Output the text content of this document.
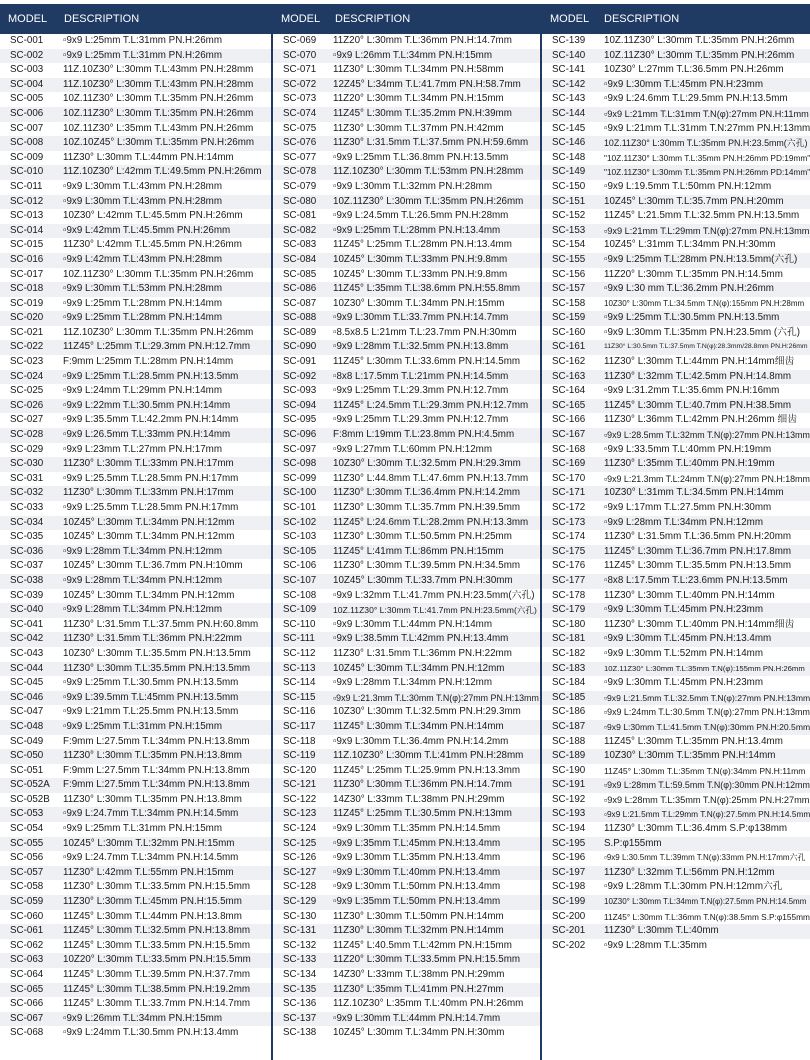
MODEL	DESCRIPTION
SC-001	▫9x9 L:25mm T.L:31mm PN.H:26mm
SC-002	▫9x9 L:25mm T.L:31mm PN.H:26mm
SC-003	11Z.10Z30° L:30mm T.L:43mm PN.H:28mm
SC-004	11Z.10Z30° L:30mm T.L:43mm PN.H:28mm
SC-005	10Z.11Z30° L:30mm T.L:35mm PN.H:26mm
SC-006	10Z.11Z30° L:30mm T.L:35mm PN.H:26mm
SC-007	10Z.11Z30° L:35mm T.L:43mm PN.H:26mm
SC-008	10Z.10Z45° L:30mm T.L:35mm PN.H:26mm
SC-009	11Z30° L:30mm T.L:44mm PN.H:14mm
SC-010	11Z.10Z30° L:42mm T.L:49.5mm PN.H:26mm
SC-011	▫9x9 L:30mm T.L:43mm PN.H:28mm
SC-012	▫9x9 L:30mm T.L:43mm PN.H:28mm
SC-013	10Z30° L:42mm T.L:45.5mm PN.H:26mm
SC-014	▫9x9 L:42mm T.L:45.5mm PN.H:26mm
SC-015	11Z30° L:42mm T.L:45.5mm PN.H:26mm
SC-016	▫9x9 L:42mm T.L:43mm PN.H:28mm
SC-017	10Z.11Z30° L:30mm T.L:35mm PN.H:26mm
SC-018	▫9x9 L:30mm T.L:53mm PN.H:28mm
SC-019	▫9x9 L:25mm T.L:28mm PN.H:14mm
SC-020	▫9x9 L:25mm T.L:28mm PN.H:14mm
SC-021	11Z.10Z30° L:30mm T.L:35mm PN.H:26mm
SC-022	11Z45° L:25mm T.L:29.3mm PN.H:12.7mm
SC-023	F:9mm L:25mm T.L:28mm PN.H:14mm
SC-024	▫9x9 L:25mm T.L:28.5mm PN.H:13.5mm
SC-025	▫9x9 L:24mm T.L:29mm PN.H:14mm
SC-026	▫9x9 L:22mm T.L:30.5mm PN.H:14mm
SC-027	▫9x9 L:35.5mm T.L:42.2mm PN.H:14mm
SC-028	▫9x9 L:26.5mm T.L:33mm PN.H:14mm
SC-029	▫9x9 L:23mm T.L:27mm PN.H:17mm
SC-030	11Z30° L:30mm T.L:33mm PN.H:17mm
SC-031	▫9x9 L:25.5mm T.L:28.5mm PN.H:17mm
SC-032	11Z30° L:30mm T.L:33mm PN.H:17mm
SC-033	▫9x9 L:25.5mm T.L:28.5mm PN.H:17mm
SC-034	10Z45° L:30mm T.L:34mm PN.H:12mm
SC-035	10Z45° L:30mm T.L:34mm PN.H:12mm
SC-036	▫9x9 L:28mm T.L:34mm PN.H:12mm
SC-037	10Z45° L:30mm T.L:36.7mm PN.H:10mm
SC-038	▫9x9 L:28mm T.L:34mm PN.H:12mm
SC-039	10Z45° L:30mm T.L:34mm PN.H:12mm
SC-040	▫9x9 L:28mm T.L:34mm PN.H:12mm
SC-041	11Z30° L:31.5mm T.L:37.5mm PN.H:60.8mm
SC-042	11Z30° L:31.5mm T.L:36mm PN.H:22mm
SC-043	10Z30° L:30mm T.L:35.5mm PN.H:13.5mm
SC-044	11Z30° L:30mm T.L:35.5mm PN.H:13.5mm
SC-045	▫9x9 L:25mm T.L:30.5mm PN.H:13.5mm
SC-046	▫9x9 L:39.5mm T.L:45mm PN.H:13.5mm
SC-047	▫9x9 L:21mm T.L:25.5mm PN.H:13.5mm
SC-048	▫9x9 L:25mm T.L:31mm PN.H:15mm
SC-049	F:9mm L:27.5mm T.L:34mm PN.H:13.8mm
SC-050	11Z30° L:30mm T.L:35mm PN.H:13.8mm
SC-051	F:9mm L:27.5mm T.L:34mm PN.H:13.8mm
SC-052A	F:9mm L:27.5mm T.L:34mm PN.H:13.8mm
SC-052B	11Z30° L:30mm T.L:35mm PN.H:13.8mm
SC-053	▫9x9 L:24.7mm T.L:34mm PN.H:14.5mm
SC-054	▫9x9 L:25mm T.L:31mm PN.H:15mm
SC-055	10Z45° L:30mm T.L:32mm PN.H:15mm
SC-056	▫9x9 L:24.7mm T.L:34mm PN.H:14.5mm
SC-057	11Z30° L:42mm T.L:55mm PN.H:15mm
SC-058	11Z30° L:30mm T.L:33.5mm PN.H:15.5mm
SC-059	11Z30° L:30mm T.L:45mm PN.H:15.5mm
SC-060	11Z45° L:30mm T.L:44mm PN.H:13.8mm
SC-061	11Z45° L:30mm T.L:32.5mm PN.H:13.8mm
SC-062	11Z45° L:30mm T.L:33.5mm PN.H:15.5mm
SC-063	10Z20° L:30mm T.L:33.5mm PN.H:15.5mm
SC-064	11Z45° L:30mm T.L:39.5mm PN.H:37.7mm
SC-065	11Z45° L:30mm T.L:38.5mm PN.H:19.2mm
SC-066	11Z45° L:30mm T.L:33.7mm PN.H:14.7mm
SC-067	▫9x9 L:26mm T.L:34mm PN.H:15mm
SC-068	▫9x9 L:24mm T.L:30.5mm PN.H:13.4mm
MODEL	DESCRIPTION
SC-069	11Z20° L:30mm T.L:36mm PN.H:14.7mm
SC-070	▫9x9 L:26mm T.L:34mm PN.H:15mm
SC-071	11Z30° L:30mm T.L:34mm PN.H:58mm
SC-072	12Z45° L:34mm T.L:41.7mm PN.H:58.7mm
SC-073	11Z20° L:30mm T.L:34mm PN.H:15mm
SC-074	11Z45° L:30mm T.L:35.2mm PN.H:39mm
SC-075	11Z30° L:30mm T.L:37mm PN.H:42mm
SC-076	11Z30° L:31.5mm T.L:37.5mm PN.H:59.6mm
SC-077	▫9x9 L:25mm T.L:36.8mm PN.H:13.5mm
SC-078	11Z.10Z30° L:30mm T.L:53mm PN.H:28mm
SC-079	▫9x9 L:30mm T.L:32mm PN.H:28mm
SC-080	10Z.11Z30° L:30mm T.L:35mm PN.H:26mm
SC-081	▫9x9 L:24.5mm T.L:26.5mm PN.H:28mm
SC-082	▫9x9 L:25mm T.L:28mm PN.H:13.4mm
SC-083	11Z45° L:25mm T.L:28mm PN.H:13.4mm
SC-084	10Z45° L:30mm T.L:33mm PN.H:9.8mm
SC-085	10Z45° L:30mm T.L:33mm PN.H:9.8mm
SC-086	11Z45° L:35mm T.L:38.6mm PN.H:55.8mm
SC-087	10Z30° L:30mm T.L:34mm PN.H:15mm
SC-088	▫9x9 L:30mm T.L:33.7mm PN.H:14.7mm
SC-089	▫8.5x8.5 L:21mm T.L:23.7mm PN.H:30mm
SC-090	▫9x9 L:28mm T.L:32.5mm PN.H:13.8mm
SC-091	11Z45° L:30mm T.L:33.6mm PN.H:14.5mm
SC-092	▫8x8 L:17.5mm T.L:21mm PN.H:14.5mm
SC-093	▫9x9 L:25mm T.L:29.3mm PN.H:12.7mm
SC-094	11Z45° L:24.5mm T.L:29.3mm PN.H:12.7mm
SC-095	▫9x9 L:25mm T.L:29.3mm PN.H:12.7mm
SC-096	F:8mm L:19mm T.L:23.8mm PN.H:4.5mm
SC-097	▫9x9 L:27mm T.L:60mm PN.H:12mm
SC-098	10Z30° L:30mm T.L:32.5mm PN.H:29.3mm
SC-099	11Z30° L:44.8mm T.L:47.6mm PN.H:13.7mm
SC-100	11Z30° L:30mm T.L:36.4mm PN.H:14.2mm
SC-101	11Z30° L:30mm T.L:35.7mm PN.H:39.5mm
SC-102	11Z45° L:24.6mm T.L:28.2mm PN.H:13.3mm
SC-103	11Z30° L:30mm T.L:50.5mm PN.H:25mm
SC-105	11Z45° L:41mm T.L:86mm PN.H:15mm
SC-106	11Z30° L:30mm T.L:39.5mm PN.H:34.5mm
SC-107	10Z45° L:30mm T.L:33.7mm PN.H:30mm
SC-108	▫9x9 L:32mm T.L:41.7mm PN.H:23.5mm(六孔)
SC-109	10Z.11Z30° L:30mm T.L:41.7mm PN.H:23.5mm(六孔)
SC-110	▫9x9 L:30mm T.L:44mm PN.H:14mm
SC-111	▫9x9 L:38.5mm T.L:42mm PN.H:13.4mm
SC-112	11Z30° L:31.5mm T.L:36mm PN.H:22mm
SC-113	10Z45° L:30mm T.L:34mm PN.H:12mm
SC-114	▫9x9 L:28mm T.L:34mm PN.H:12mm
SC-115	▫9x9 L:21.3mm T.L:30mm T.N(φ):27mm PN.H:13mm
SC-116	10Z30° L:30mm T.L:32.5mm PN.H:29.3mm
SC-117	11Z45° L:30mm T.L:34mm PN.H:14mm
SC-118	▫9x9 L:30mm T.L:36.4mm PN.H:14.2mm
SC-119	11Z.10Z30° L:30mm T.L:41mm PN.H:28mm
SC-120	11Z45° L:25mm T.L:25.9mm PN.H:13.3mm
SC-121	11Z30° L:30mm T.L:36mm PN.H:14.7mm
SC-122	14Z30° L:33mm T.L:38mm PN.H:29mm
SC-123	11Z45° L:25mm T.L:30.5mm PN.H:13mm
SC-124	▫9x9 L:30mm T.L:35mm PN.H:14.5mm
SC-125	▫9x9 L:35mm T.L:45mm PN.H:13.4mm
SC-126	▫9x9 L:30mm T.L:35mm PN.H:13.4mm
SC-127	▫9x9 L:30mm T.L:40mm PN.H:13.4mm
SC-128	▫9x9 L:30mm T.L:50mm PN.H:13.4mm
SC-129	▫9x9 L:35mm T.L:50mm PN.H:13.4mm
SC-130	11Z30° L:30mm T.L:50mm PN.H:14mm
SC-131	11Z30° L:30mm T.L:32mm PN.H:14mm
SC-132	11Z45° L:40.5mm T.L:42mm PN.H:15mm
SC-133	11Z20° L:30mm T.L:33.5mm PN.H:15.5mm
SC-134	14Z30° L:33mm T.L:38mm PN.H:29mm
SC-135	11Z30° L:35mm T.L:41mm PN.H:27mm
SC-136	11Z.10Z30° L:35mm T.L:40mm PN.H:26mm
SC-137	▫9x9 L:30mm T.L:44mm PN.H:14.7mm
SC-138	10Z45° L:30mm T.L:34mm PN.H:30mm
MODEL	DESCRIPTION
SC-139	10Z.11Z30° L:30mm T.L:35mm PN.H:26mm
SC-140	10Z.11Z30° L:30mm T.L:35mm PN.H:26mm
SC-141	10Z30° L:27mm T.L:36.5mm PN.H:26mm
SC-142	▫9x9 L:30mm T.L:45mm PN.H:23mm
SC-143	▫9x9 L:24.6mm T.L:29.5mm PN.H:13.5mm
SC-144	▫9x9 L:21mm T.L:31mm T.N(φ):27mm PN.H:11mm
SC-145	▫9x9 L:21mm T.L:31mm T.N:27mm PN.H:13mm
SC-146	10Z.11Z30° L:30mm T.L:35mm PN.H:23.5mm(六孔)
SC-148	"10Z.11Z30° L:30mm T.L:35mm PN.H:26mm PD:19mm"
SC-149	"10Z.11Z30° L:30mm T.L:35mm PN.H:26mm PD:14mm"
SC-150	▫9x9 L:19.5mm T.L:50mm PN.H:12mm
SC-151	10Z45° L:30mm T.L:35.7mm PN.H:20mm
SC-152	11Z45° L:21.5mm T.L:32.5mm PN.H:13.5mm
SC-153	▫9x9 L:21mm T.L:29mm T.N(φ):27mm PN.H:13mm
SC-154	10Z45° L:31mm T.L:34mm PN.H:30mm
SC-155	▫9x9 L:25mm T.L:28mm PN.H:13.5mm(六孔)
SC-156	11Z20° L:30mm T.L:35mm PN.H:14.5mm
SC-157	▫9x9 L:30 mm T.L:36.2mm PN.H:26mm
SC-158	10Z30° L:30mm T.L:34.5mm T.N(φ):155mm PN.H:28mm
SC-159	▫9x9 L:25mm T.L:30.5mm PN.H:13.5mm
SC-160	▫9x9 L:30mm T.L:35mm PN.H:23.5mm (六孔)
SC-161	11Z30° L:30.5mm T.L:37.5mm T.N(φ):28.3mm/28.8mm PN.H:26mm
SC-162	11Z30° L:30mm T.L:44mm PN.H:14mm细齿
SC-163	11Z30° L:32mm T.L:42.5mm PN.H:14.8mm
SC-164	▫9x9 L:31.2mm T.L:35.6mm PN.H:16mm
SC-165	11Z45° L:30mm T.L:40.7mm PN.H:38.5mm
SC-166	11Z30° L:36mm T.L:42mm PN.H:26mm 细齿
SC-167	▫9x9 L:28.5mm T.L:32mm T.N(φ):27mm PN.H:13mm
SC-168	▫9x9 L:33.5mm T.L:40mm PN.H:19mm
SC-169	11Z30° L:35mm T.L:40mm PN.H:19mm
SC-170	▫9x9 L:21.3mm T.L:24mm T.N(φ):27mm PN.H:18mm
SC-171	10Z30° L:31mm T.L:34.5mm PN.H:14mm
SC-172	▫9x9 L:17mm T.L:27.5mm PN.H:30mm
SC-173	▫9x9 L:28mm T.L:34mm PN.H:12mm
SC-174	11Z30° L:31.5mm T.L:36.5mm PN.H:20mm
SC-175	11Z45° L:30mm T.L:36.7mm PN.H:17.8mm
SC-176	11Z45° L:30mm T.L:35.5mm PN.H:13.5mm
SC-177	▫8x8 L:17.5mm T.L:23.6mm PN.H:13.5mm
SC-178	11Z30° L:30mm T.L:40mm PN.H:14mm
SC-179	▫9x9 L:30mm T.L:45mm PN.H:23mm
SC-180	11Z30° L:30mm T.L:40mm PN.H:14mm细齿
SC-181	▫9x9 L:30mm T.L:45mm PN.H:13.4mm
SC-182	▫9x9 L:30mm T.L:52mm PN.H:14mm
SC-183	10Z.11Z30° L:30mm T.L:35mm T.N(φ):155mm PN.H:26mm
SC-184	▫9x9 L:30mm T.L:45mm PN.H:23mm
SC-185	▫9x9 L:21.5mm T.L:32.5mm T.N(φ):27mm PN.H:13mm
SC-186	▫9x9 L:24mm T.L:30.5mm T.N(φ):27mm PN.H:13mm
SC-187	▫9x9 L:30mm T.L:41.5mm T.N(φ):30mm PN.H:20.5mm
SC-188	11Z45° L:30mm T.L:35mm PN.H:13.4mm
SC-189	10Z30° L:30mm T.L:35mm PN.H:14mm
SC-190	11Z45° L:30mm T.L:35mm T.N(φ):34mm PN.H:11mm
SC-191	▫9x9 L:28mm T.L:59.5mm T.N(φ):30mm PN.H:12mm
SC-192	▫9x9 L:28mm T.L:35mm T.N(φ):25mm PN.H:27mm
SC-193	▫9x9 L:21.5mm T.L:29mm T.N(φ):27.5mm PN.H:14.5mm
SC-194	11Z30° L:30mm T.L:36.4mm S.P:φ138mm
SC-195	S.P:φ155mm
SC-196	▫9x9 L:30.5mm T.L:39mm T.N(φ):33mm PN.H:17mm六孔
SC-197	11Z30° L:32mm T.L:56mm PN.H:12mm
SC-198	▫9x9 L:28mm T.L:30mm PN.H:12mm六孔
SC-199	10Z30° L:30mm T.L:34mm T.N(φ):27.5mm PN.H:14.5mm
SC-200	11Z45° L:30mm T.L:36mm T.N(φ):38.5mm S.P:φ155mm
SC-201	11Z30° L:30mm T.L:40mm
SC-202	▫9x9 L:28mm T.L:35mm
